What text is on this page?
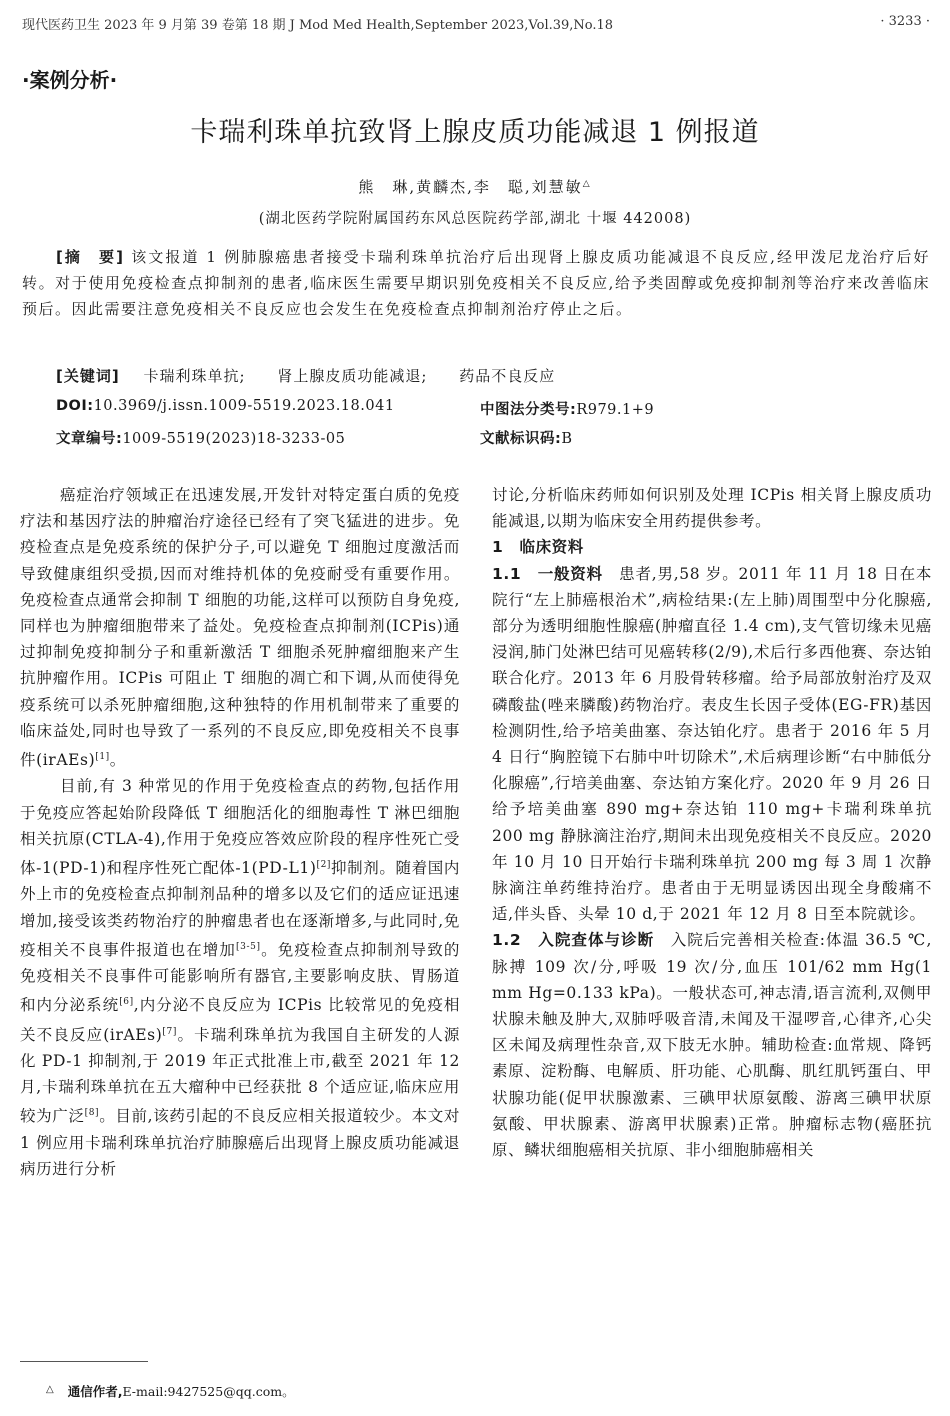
现代医药卫生 2023 年 9 月第 39 卷第 18 期 J Mod Med Health,September 2023,Vol.39,No.18	· 3233 ·
·案例分析·
卡瑞利珠单抗致肾上腺皮质功能减退 1 例报道
熊　琳,黄麟杰,李　聪,刘慧敏△
(湖北医药学院附属国药东风总医院药学部,湖北 十堰 442008)
[摘　要] 该文报道 1 例肺腺癌患者接受卡瑞利珠单抗治疗后出现肾上腺皮质功能减退不良反应,经甲泼尼龙治疗后好转。对于使用免疫检查点抑制剂的患者,临床医生需要早期识别免疫相关不良反应,给予类固醇或免疫抑制剂等治疗来改善临床预后。因此需要注意免疫相关不良反应也会发生在免疫检查点抑制剂治疗停止之后。
[关键词] 卡瑞利珠单抗; 肾上腺皮质功能减退; 药品不良反应
DOI:10.3969/j.issn.1009-5519.2023.18.041	中图法分类号:R979.1+9
文章编号:1009-5519(2023)18-3233-05	文献标识码:B

癌症治疗领域正在迅速发展,开发针对特定蛋白质的免疫疗法和基因疗法的肿瘤治疗途径已经有了突飞猛进的进步。免疫检查点是免疫系统的保护分子,可以避免 T 细胞过度激活而导致健康组织受损,因而对维持机体的免疫耐受有重要作用。免疫检查点通常会抑制 T 细胞的功能,这样可以预防自身免疫,同样也为肿瘤细胞带来了益处。免疫检查点抑制剂(ICPis)通过抑制免疫抑制分子和重新激活 T 细胞杀死肿瘤细胞来产生抗肿瘤作用。ICPis 可阻止 T 细胞的凋亡和下调,从而使得免疫系统可以杀死肿瘤细胞,这种独特的作用机制带来了重要的临床益处,同时也导致了一系列的不良反应,即免疫相关不良事件(irAEs)[1]。

目前,有 3 种常见的作用于免疫检查点的药物,包括作用于免疫应答起始阶段降低 T 细胞活化的细胞毒性 T 淋巴细胞相关抗原(CTLA-4),作用于免疫应答效应阶段的程序性死亡受体-1(PD-1)和程序性死亡配体-1(PD-L1)[2]抑制剂。随着国内外上市的免疫检查点抑制剂品种的增多以及它们的适应证迅速增加,接受该类药物治疗的肿瘤患者也在逐渐增多,与此同时,免疫相关不良事件报道也在增加[3-5]。免疫检查点抑制剂导致的免疫相关不良事件可能影响所有器官,主要影响皮肤、胃肠道和内分泌系统[6],内分泌不良反应为 ICPis 比较常见的免疫相关不良反应(irAEs)[7]。卡瑞利珠单抗为我国自主研发的人源化 PD-1 抑制剂,于 2019 年正式批准上市,截至 2021 年 12 月,卡瑞利珠单抗在五大瘤种中已经获批 8 个适应证,临床应用较为广泛[8]。目前,该药引起的不良反应相关报道较少。本文对 1 例应用卡瑞利珠单抗治疗肺腺癌后出现肾上腺皮质功能减退病历进行分析

讨论,分析临床药师如何识别及处理 ICPis 相关肾上腺皮质功能减退,以期为临床安全用药提供参考。

1　临床资料

1.1　一般资料　患者,男,58 岁。2011 年 11 月 18 日在本院行“左上肺癌根治术”,病检结果:(左上肺)周围型中分化腺癌,部分为透明细胞性腺癌(肿瘤直径 1.4 cm),支气管切缘未见癌浸润,肺门处淋巴结可见癌转移(2/9),术后行多西他赛、奈达铂联合化疗。2013 年 6 月股骨转移瘤。给予局部放射治疗及双磷酸盐(唑来膦酸)药物治疗。表皮生长因子受体(EG-FR)基因检测阴性,给予培美曲塞、奈达铂化疗。患者于 2016 年 5 月 4 日行“胸腔镜下右肺中叶切除术”,术后病理诊断“右中肺低分化腺癌”,行培美曲塞、奈达铂方案化疗。2020 年 9 月 26 日给予培美曲塞 890 mg+奈达铂 110 mg+卡瑞利珠单抗 200 mg 静脉滴注治疗,期间未出现免疫相关不良反应。2020 年 10 月 10 日开始行卡瑞利珠单抗 200 mg 每 3 周 1 次静脉滴注单药维持治疗。患者由于无明显诱因出现全身酸痛不适,伴头昏、头晕 10 d,于 2021 年 12 月 8 日至本院就诊。

1.2　入院查体与诊断　入院后完善相关检查:体温 36.5 ℃,脉搏 109 次/分,呼吸 19 次/分,血压 101/62 mm Hg(1 mm Hg=0.133 kPa)。一般状态可,神志清,语言流利,双侧甲状腺未触及肿大,双肺呼吸音清,未闻及干湿啰音,心律齐,心尖区未闻及病理性杂音,双下肢无水肿。辅助检查:血常规、降钙素原、淀粉酶、电解质、肝功能、心肌酶、肌红肌钙蛋白、甲状腺功能(促甲状腺激素、三碘甲状原氨酸、游离三碘甲状原氨酸、甲状腺素、游离甲状腺素)正常。肿瘤标志物(癌胚抗原、鳞状细胞癌相关抗原、非小细胞肺癌相关

△ 通信作者,E-mail:9427525@qq.com。
